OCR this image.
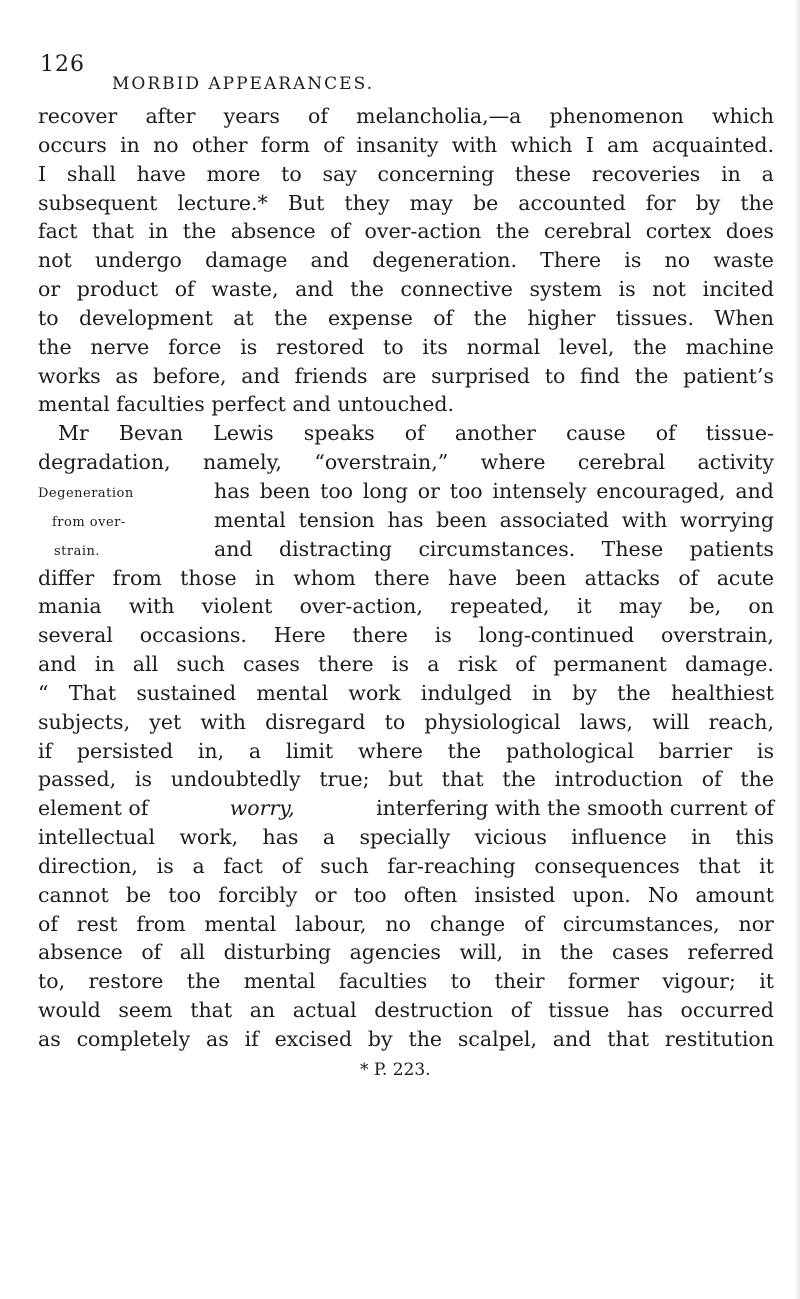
126
MORBID APPEARANCES.
recover after years of melancholia,—a phenomenon which
occurs in no other form of insanity with which I am acquainted.
I shall have more to say concerning these recoveries in a
subsequent lecture.* But they may be accounted for by the
fact that in the absence of over-action the cerebral cortex does
not undergo damage and degeneration. There is no waste
or product of waste, and the connective system is not incited
to development at the expense of the higher tissues. When
the nerve force is restored to its normal level, the machine
works as before, and friends are surprised to find the patient’s
mental faculties perfect and untouched.
Mr Bevan Lewis speaks of another cause of tissue-
degradation, namely, “overstrain,” where cerebral activity
has been too long or too intensely encouraged, and
mental tension has been associated with worrying
and distracting circumstances. These patients
differ from those in whom there have been attacks of acute
mania with violent over-action, repeated, it may be, on
several occasions. Here there is long-continued overstrain,
and in all such cases there is a risk of permanent damage.
“ That sustained mental work indulged in by the healthiest
subjects, yet with disregard to physiological laws, will reach,
if persisted in, a limit where the pathological barrier is
passed, is undoubtedly true; but that the introduction of the
element of	worry,	interfering with the smooth current of
intellectual work, has a specially vicious influence in this
direction, is a fact of such far-reaching consequences that it
cannot be too forcibly or too often insisted upon. No amount
of rest from mental labour, no change of circumstances, nor
absence of all disturbing agencies will, in the cases referred
to, restore the mental faculties to their former vigour; it
would seem that an actual destruction of tissue has occurred
as completely as if excised by the scalpel, and that restitution
Degeneration
from over-
strain.
* P. 223.
